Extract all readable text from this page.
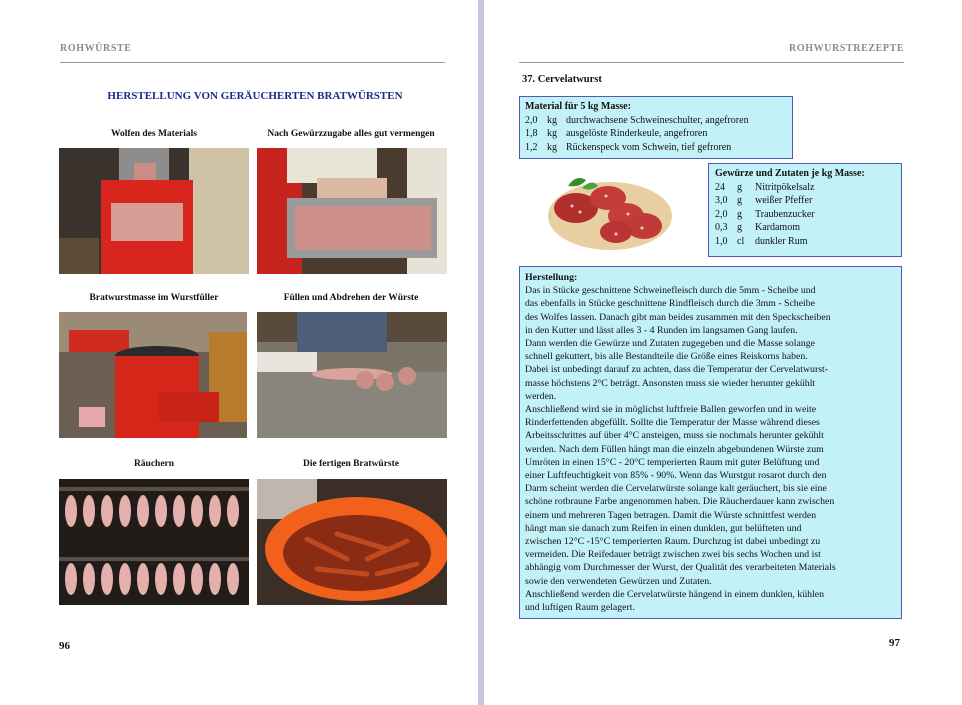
ROHWÜRSTE
HERSTELLUNG VON GERÄUCHERTEN BRATWÜRSTEN
Wolfen des Materials	Nach Gewürzzugabe alles gut vermengen
Bratwurstmasse im Wurstfüller	Füllen und Abdrehen der Würste
Räuchern	Die fertigen Bratwürste
96
ROHWURSTREZEPTE
37. Cervelatwurst
Material für 5 kg Masse:
2,0 kg durchwachsene Schweineschulter, angefroren
1,8 kg ausgelöste Rinderkeule, angefroren
1,2 kg Rückenspeck vom Schwein, tief gefroren
Gewürze und Zutaten je kg Masse:
24	g	Nitritpökelsalz
3,0 g	weißer Pfeffer
2,0 g	Traubenzucker
0,3 g	Kardamom
1,0 cl	dunkler Rum
Herstellung:
Das in Stücke geschnittene Schweinefleisch durch die 5mm - Scheibe und
das ebenfalls in Stücke geschnittene Rindfleisch durch die 3mm - Scheibe
des Wolfes lassen. Danach gibt man beides zusammen mit den Speckscheiben
in den Kutter und lässt alles 3 - 4 Runden im langsamen Gang laufen.
Dann werden die Gewürze und Zutaten zugegeben und die Masse solange
schnell gekuttert, bis alle Bestandteile die Größe eines Reiskorns haben.
Dabei ist unbedingt darauf zu achten, dass die Temperatur der Cervelatwurst-
masse höchstens 2°C beträgt. Ansonsten muss sie wieder herunter gekühlt
werden.
Anschließend wird sie in möglichst luftfreie Ballen geworfen und in weite
Rinderfettenden abgefüllt. Sollte die Temperatur der Masse während dieses
Arbeitsschrittes auf über 4°C ansteigen, muss sie nochmals herunter gekühlt
werden. Nach dem Füllen hängt man die einzeln abgebundenen Würste zum
Umröten in einen 15°C - 20°C temperierten Raum mit guter Belüftung und
einer Luftfeuchtigkeit von 85% - 90%. Wenn das Wurstgut rosarot durch den
Darm scheint werden die Cervelatwürste solange kalt geräuchert, bis sie eine
schöne rotbraune Farbe angenommen haben. Die Räucherdauer kann zwischen
einem und mehreren Tagen betragen. Damit die Würste schnittfest werden
hängt man sie danach zum Reifen in einen dunklen, gut belüfteten und
zwischen 12°C -15°C temperierten Raum. Durchzug ist dabei unbedingt zu
vermeiden. Die Reifedauer beträgt zwischen zwei bis sechs Wochen und ist
abhängig vom Durchmesser der Wurst, der Qualität des verarbeiteten Materials
sowie den verwendeten Gewürzen und Zutaten.
Anschließend werden die Cervelatwürste hängend in einem dunklen, kühlen
und luftigen Raum gelagert.
97
